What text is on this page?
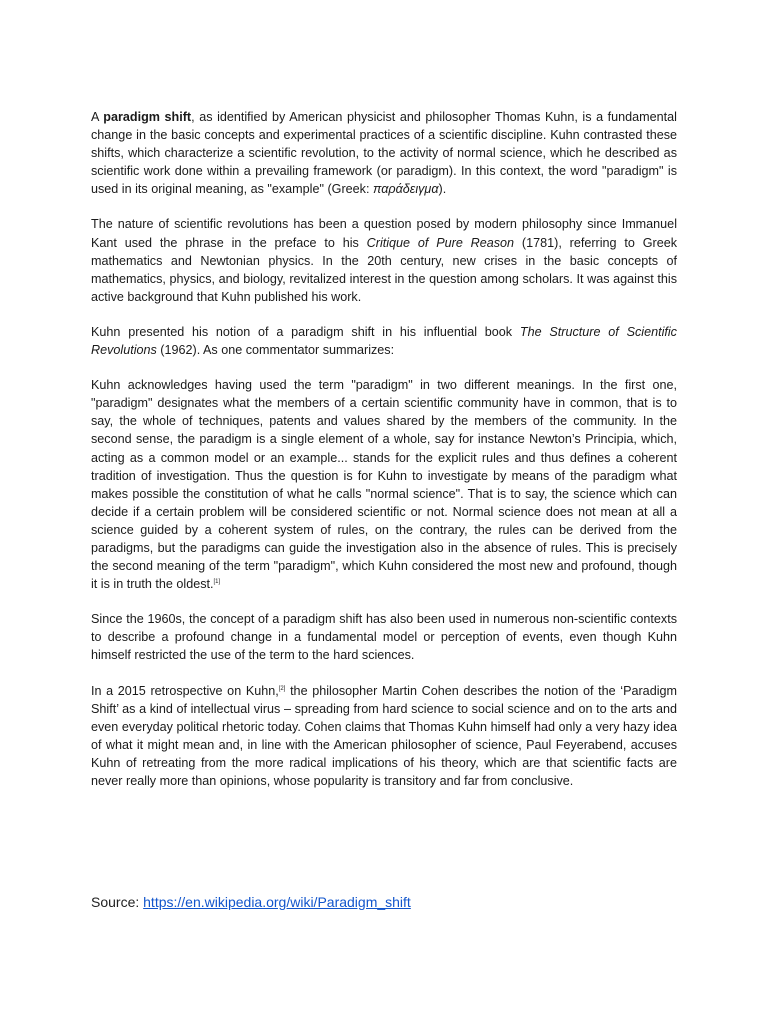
A paradigm shift, as identified by American physicist and philosopher Thomas Kuhn, is a fundamental change in the basic concepts and experimental practices of a scientific discipline. Kuhn contrasted these shifts, which characterize a scientific revolution, to the activity of normal science, which he described as scientific work done within a prevailing framework (or paradigm). In this context, the word "paradigm" is used in its original meaning, as "example" (Greek: παράδειγμα).

The nature of scientific revolutions has been a question posed by modern philosophy since Immanuel Kant used the phrase in the preface to his Critique of Pure Reason (1781), referring to Greek mathematics and Newtonian physics. In the 20th century, new crises in the basic concepts of mathematics, physics, and biology, revitalized interest in the question among scholars. It was against this active background that Kuhn published his work.

Kuhn presented his notion of a paradigm shift in his influential book The Structure of Scientific Revolutions (1962). As one commentator summarizes:

Kuhn acknowledges having used the term "paradigm" in two different meanings. In the first one, "paradigm" designates what the members of a certain scientific community have in common, that is to say, the whole of techniques, patents and values shared by the members of the community. In the second sense, the paradigm is a single element of a whole, say for instance Newton’s Principia, which, acting as a common model or an example... stands for the explicit rules and thus defines a coherent tradition of investigation. Thus the question is for Kuhn to investigate by means of the paradigm what makes possible the constitution of what he calls "normal science". That is to say, the science which can decide if a certain problem will be considered scientific or not. Normal science does not mean at all a science guided by a coherent system of rules, on the contrary, the rules can be derived from the paradigms, but the paradigms can guide the investigation also in the absence of rules. This is precisely the second meaning of the term "paradigm", which Kuhn considered the most new and profound, though it is in truth the oldest.[1]

Since the 1960s, the concept of a paradigm shift has also been used in numerous non-scientific contexts to describe a profound change in a fundamental model or perception of events, even though Kuhn himself restricted the use of the term to the hard sciences.

In a 2015 retrospective on Kuhn,[2] the philosopher Martin Cohen describes the notion of the ‘Paradigm Shift’ as a kind of intellectual virus – spreading from hard science to social science and on to the arts and even everyday political rhetoric today. Cohen claims that Thomas Kuhn himself had only a very hazy idea of what it might mean and, in line with the American philosopher of science, Paul Feyerabend, accuses Kuhn of retreating from the more radical implications of his theory, which are that scientific facts are never really more than opinions, whose popularity is transitory and far from conclusive.

Source: https://en.wikipedia.org/wiki/Paradigm_shift
